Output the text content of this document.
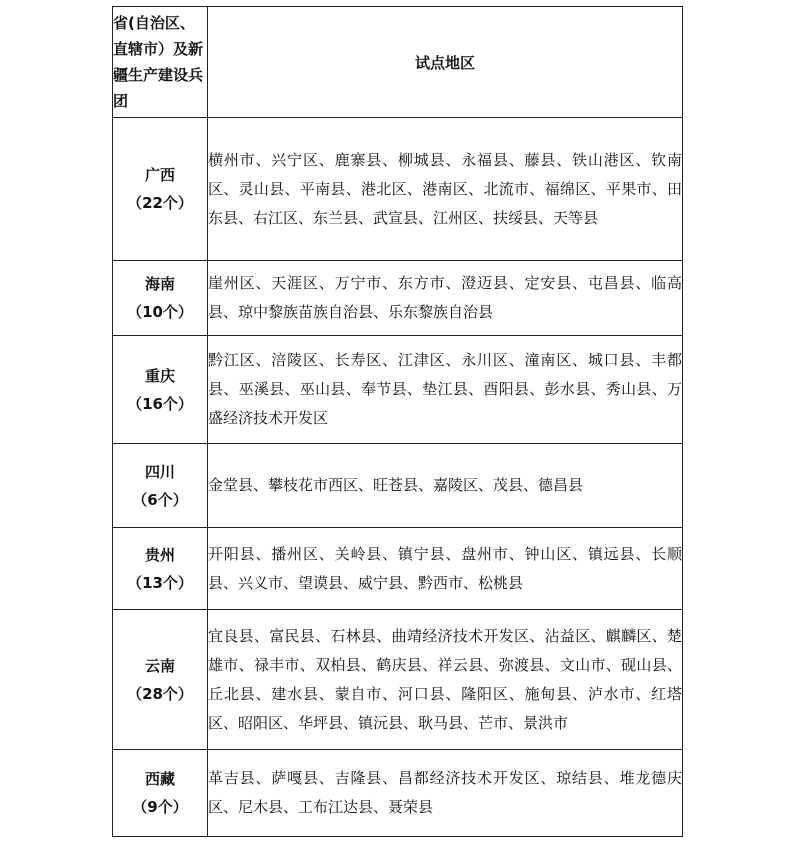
省(自治区、直辖市）及新疆生产建设兵团	试点地区

广西
（22个）	横州市、兴宁区、鹿寨县、柳城县、永福县、藤县、铁山港区、钦南区、灵山县、平南县、港北区、港南区、北流市、福绵区、平果市、田东县、右江区、东兰县、武宣县、江州区、扶绥县、天等县

海南
（10个）	崖州区、天涯区、万宁市、东方市、澄迈县、定安县、屯昌县、临高县、琼中黎族苗族自治县、乐东黎族自治县

重庆
（16个）	黔江区、涪陵区、长寿区、江津区、永川区、潼南区、城口县、丰都县、巫溪县、巫山县、奉节县、垫江县、酉阳县、彭水县、秀山县、万盛经济技术开发区

四川
（6个）	金堂县、攀枝花市西区、旺苍县、嘉陵区、茂县、德昌县

贵州
（13个）	开阳县、播州区、关岭县、镇宁县、盘州市、钟山区、镇远县、长顺县、兴义市、望谟县、威宁县、黔西市、松桃县

云南
（28个）	宜良县、富民县、石林县、曲靖经济技术开发区、沾益区、麒麟区、楚雄市、禄丰市、双柏县、鹤庆县、祥云县、弥渡县、文山市、砚山县、丘北县、建水县、蒙自市、河口县、隆阳区、施甸县、泸水市、红塔区、昭阳区、华坪县、镇沅县、耿马县、芒市、景洪市

西藏
（9个）	革吉县、萨嘎县、吉隆县、昌都经济技术开发区、琼结县、堆龙德庆区、尼木县、工布江达县、聂荣县
